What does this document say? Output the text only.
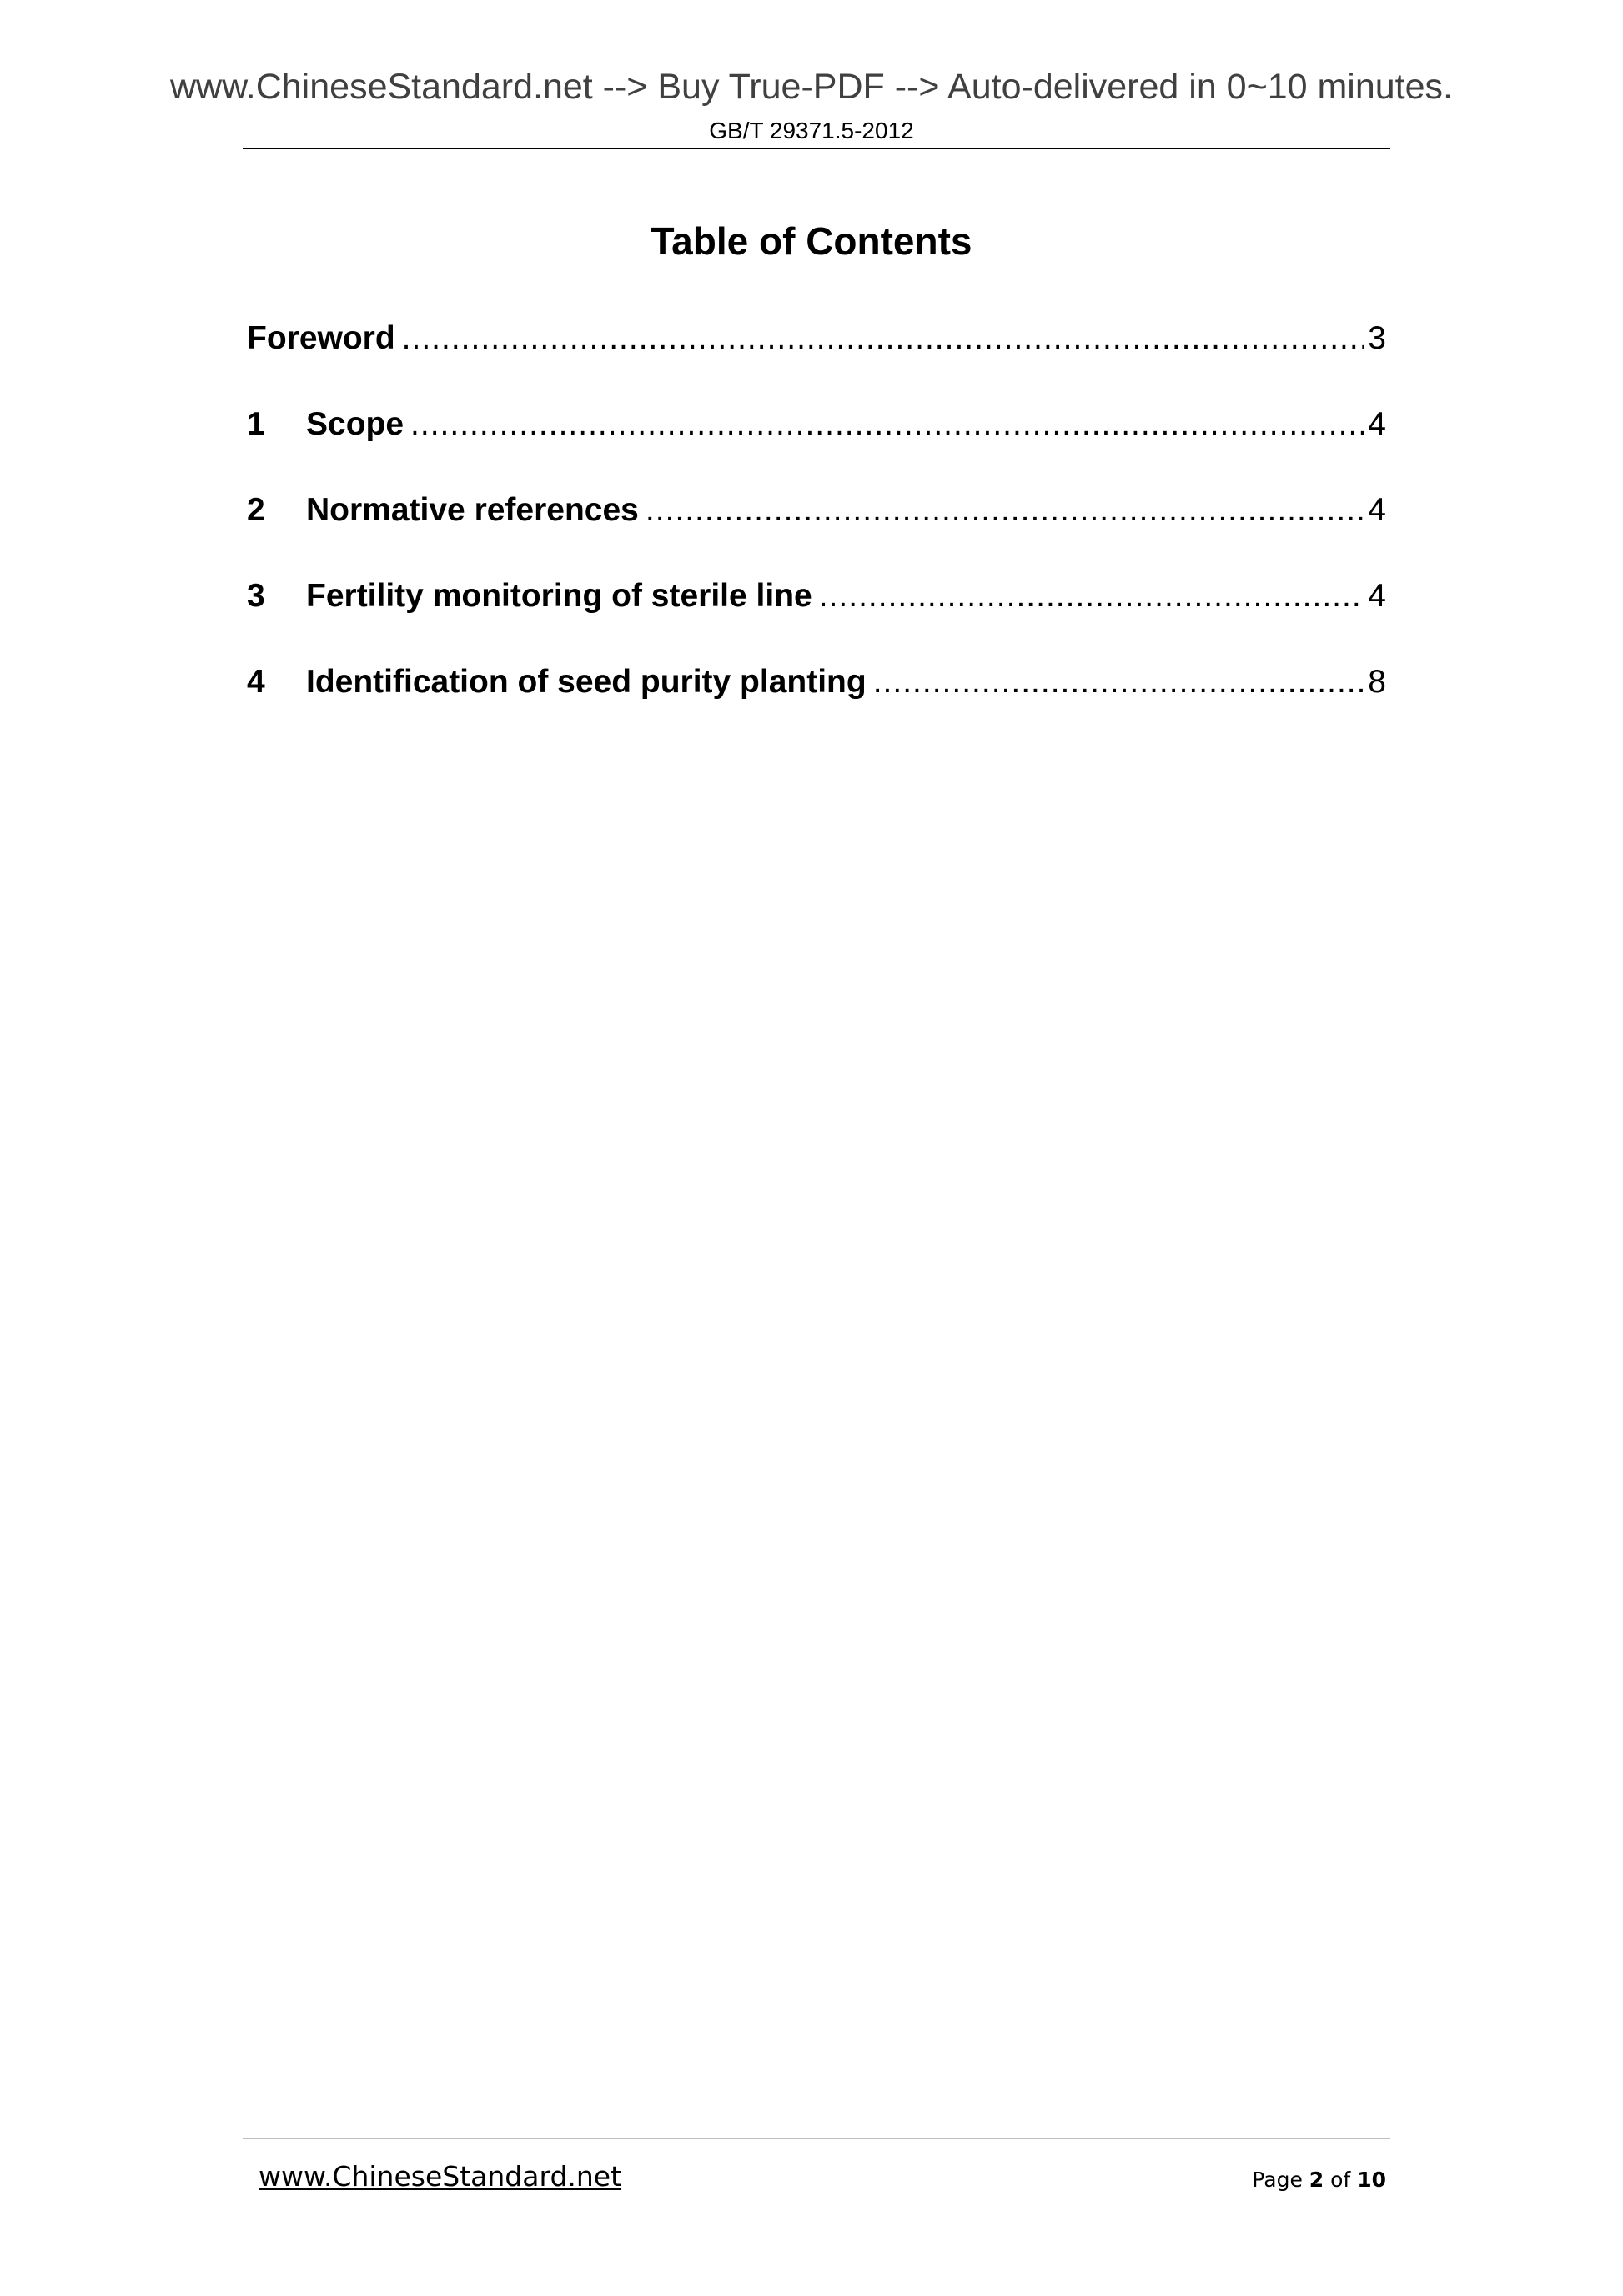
www.ChineseStandard.net --> Buy True-PDF --> Auto-delivered in 0~10 minutes.
GB/T 29371.5-2012
Table of Contents
Foreword .....	3
1	Scope .....	4
2	Normative references .....	4
3	Fertility monitoring of sterile line .....	4
4	Identification of seed purity planting .....	8
www.ChineseStandard.net	Page 2 of 10
